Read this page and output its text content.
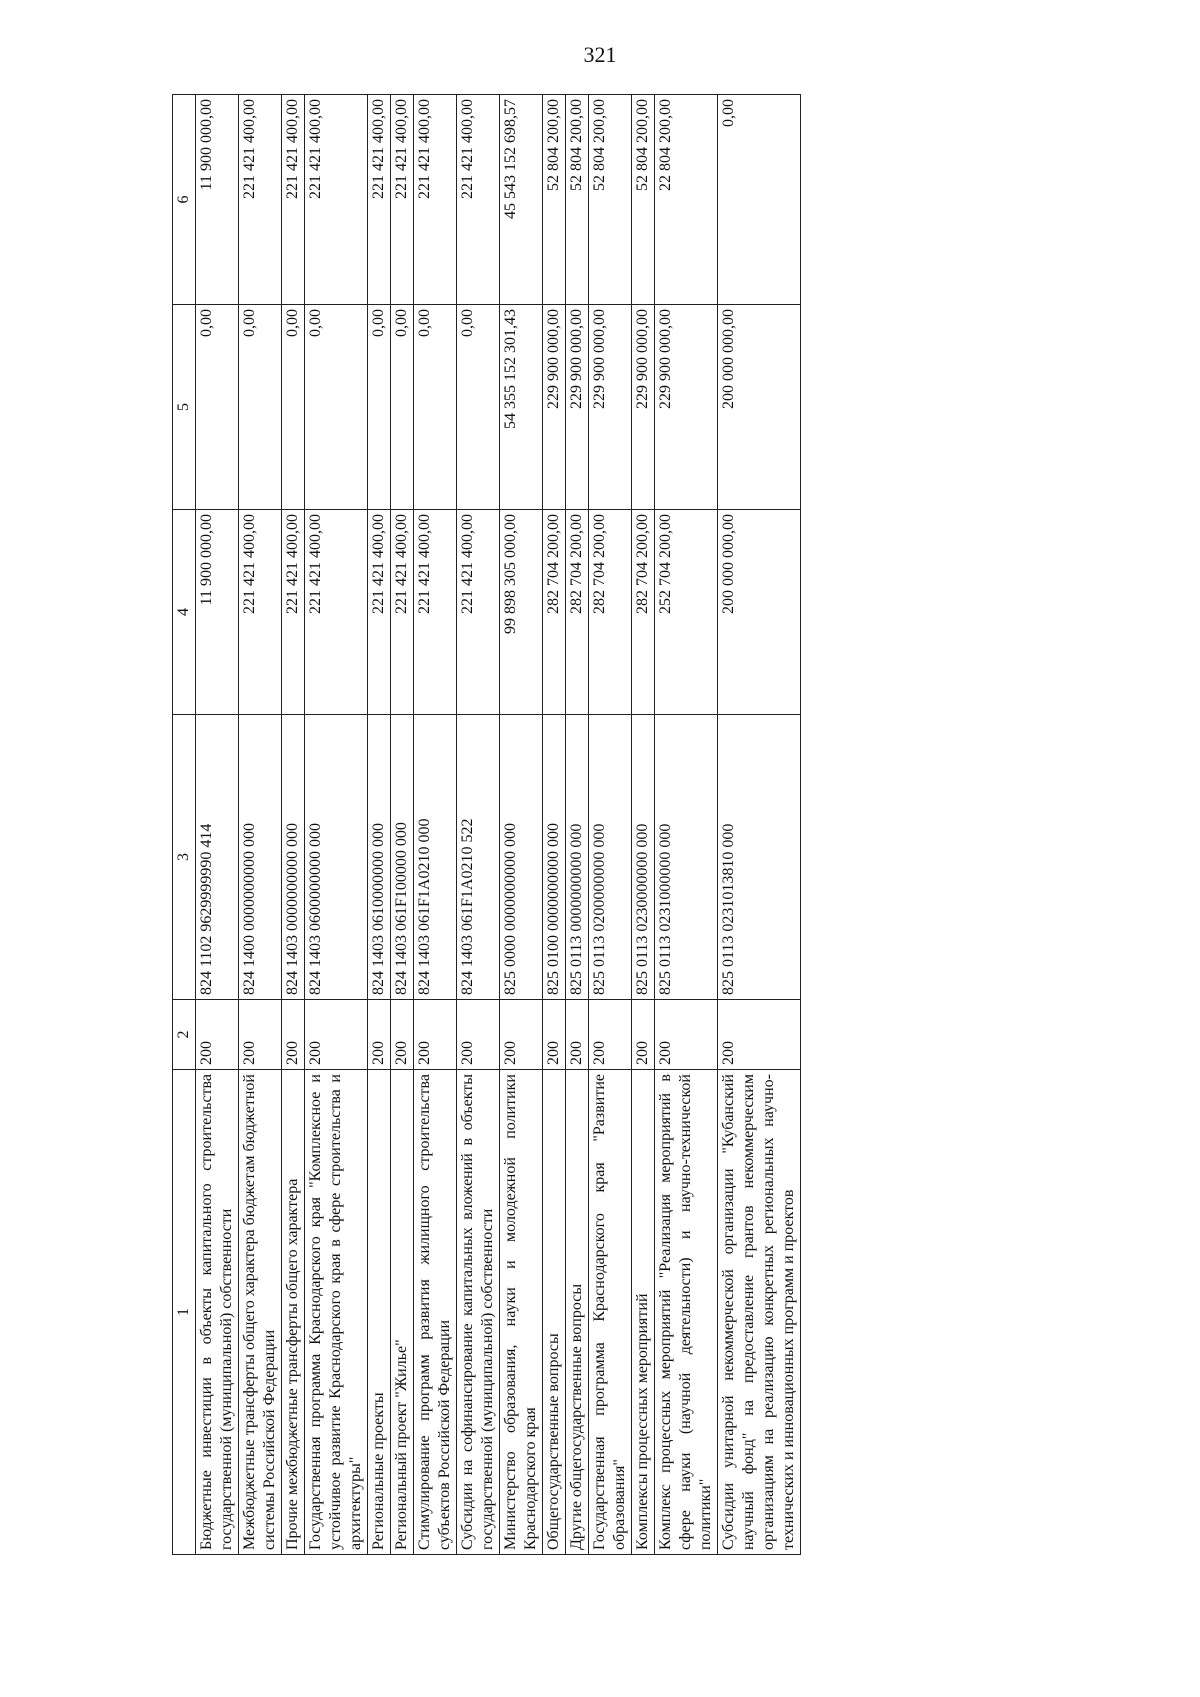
321
1	2	3	4	5	6
Бюджетные инвестиции в объекты капитального строительства государственной (муниципальной) собственности	200	824 1102 9629999990 414	11 900 000,00	0,00	11 900 000,00
Межбюджетные трансферты общего характера бюджетам бюджетной системы Российской Федерации	200	824 1400 0000000000 000	221 421 400,00	0,00	221 421 400,00
Прочие межбюджетные трансферты общего характера	200	824 1403 0000000000 000	221 421 400,00	0,00	221 421 400,00
Государственная программа Краснодарского края "Комплексное и устойчивое развитие Краснодарского края в сфере строительства и архитектуры"	200	824 1403 0600000000 000	221 421 400,00	0,00	221 421 400,00
Региональные проекты	200	824 1403 0610000000 000	221 421 400,00	0,00	221 421 400,00
Региональный проект "Жилье"	200	824 1403 061F100000 000	221 421 400,00	0,00	221 421 400,00
Стимулирование программ развития жилищного строительства субъектов Российской Федерации	200	824 1403 061F1A0210 000	221 421 400,00	0,00	221 421 400,00
Субсидии на софинансирование капитальных вложений в объекты государственной (муниципальной) собственности	200	824 1403 061F1A0210 522	221 421 400,00	0,00	221 421 400,00
Министерство образования, науки и молодежной политики Краснодарского края	200	825 0000 0000000000 000	99 898 305 000,00	54 355 152 301,43	45 543 152 698,57
Общегосударственные вопросы	200	825 0100 0000000000 000	282 704 200,00	229 900 000,00	52 804 200,00
Другие общегосударственные вопросы	200	825 0113 0000000000 000	282 704 200,00	229 900 000,00	52 804 200,00
Государственная программа Краснодарского края "Развитие образования"	200	825 0113 0200000000 000	282 704 200,00	229 900 000,00	52 804 200,00
Комплексы процессных мероприятий	200	825 0113 0230000000 000	282 704 200,00	229 900 000,00	52 804 200,00
Комплекс процессных мероприятий "Реализация мероприятий в сфере науки (научной деятельности) и научно-технической политики"	200	825 0113 0231000000 000	252 704 200,00	229 900 000,00	22 804 200,00
Субсидии унитарной некоммерческой организации "Кубанский научный фонд" на предоставление грантов некоммерческим организациям на реализацию конкретных региональных научно-технических и инновационных программ и проектов	200	825 0113 0231013810 000	200 000 000,00	200 000 000,00	0,00
